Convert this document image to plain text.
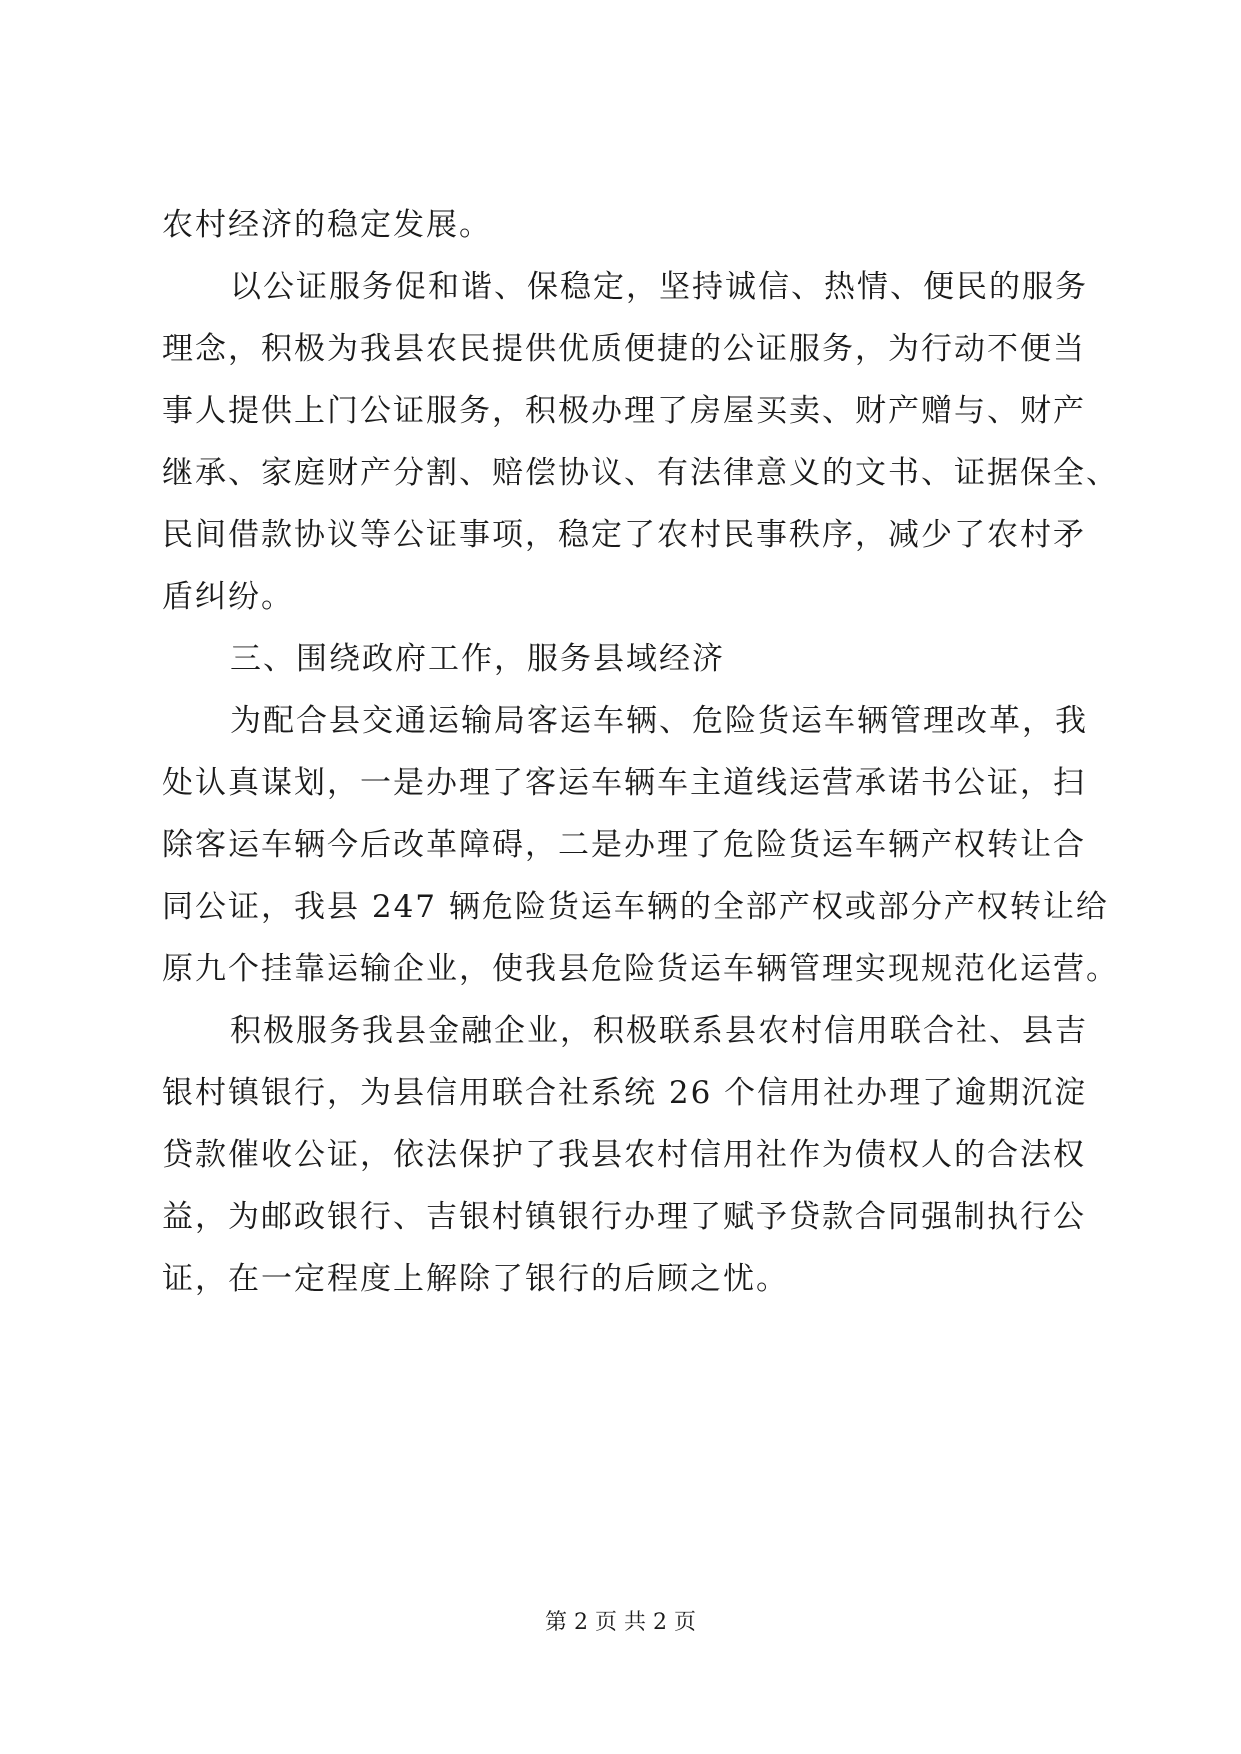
农村经济的稳定发展。
以公证服务促和谐、保稳定，坚持诚信、热情、便民的服务
理念，积极为我县农民提供优质便捷的公证服务，为行动不便当
事人提供上门公证服务，积极办理了房屋买卖、财产赠与、财产
继承、家庭财产分割、赔偿协议、有法律意义的文书、证据保全、
民间借款协议等公证事项，稳定了农村民事秩序，减少了农村矛
盾纠纷。
三、围绕政府工作，服务县域经济
为配合县交通运输局客运车辆、危险货运车辆管理改革，我
处认真谋划，一是办理了客运车辆车主道线运营承诺书公证，扫
除客运车辆今后改革障碍，二是办理了危险货运车辆产权转让合
同公证，我县 247 辆危险货运车辆的全部产权或部分产权转让给
原九个挂靠运输企业，使我县危险货运车辆管理实现规范化运营。
积极服务我县金融企业，积极联系县农村信用联合社、县吉
银村镇银行，为县信用联合社系统 26 个信用社办理了逾期沉淀
贷款催收公证，依法保护了我县农村信用社作为债权人的合法权
益，为邮政银行、吉银村镇银行办理了赋予贷款合同强制执行公
证，在一定程度上解除了银行的后顾之忧。
第 2 页 共 2 页
